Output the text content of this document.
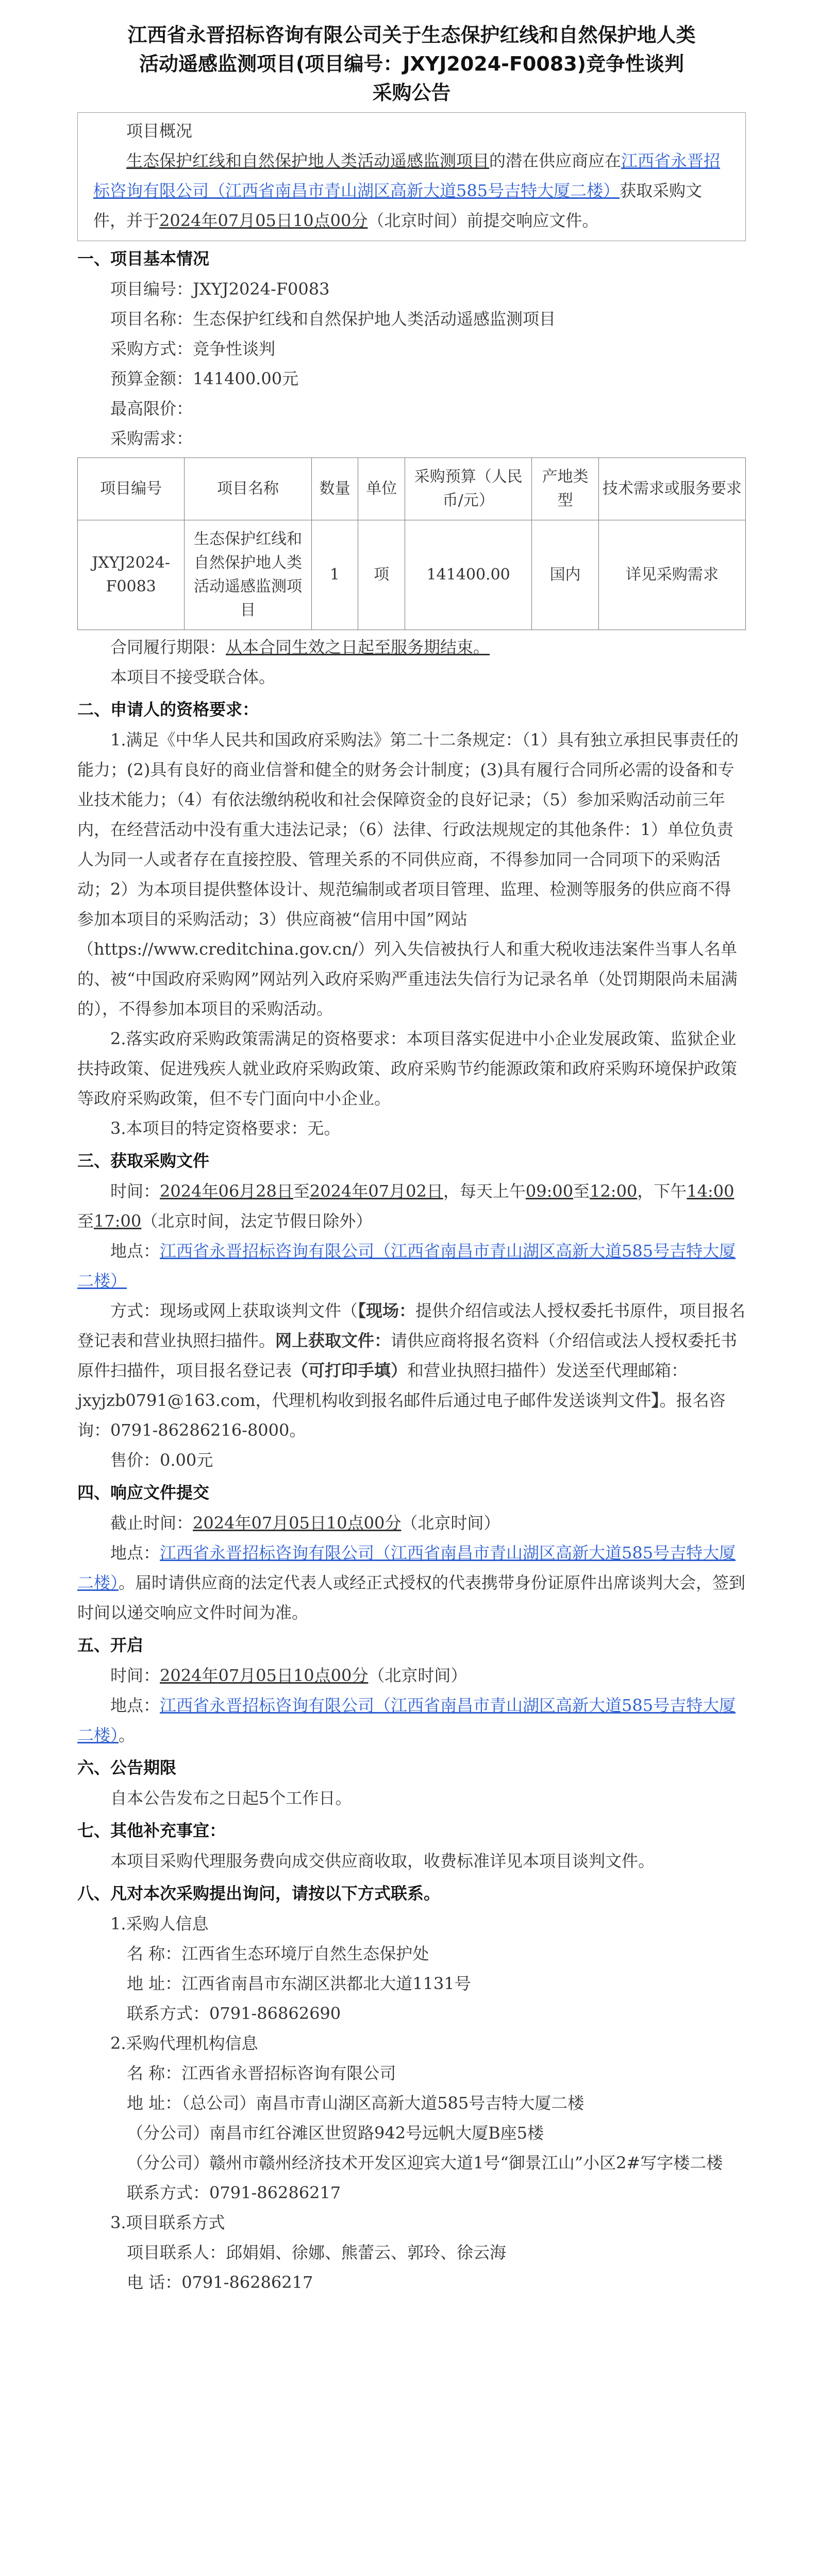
江西省永晋招标咨询有限公司关于生态保护红线和自然保护地人类
活动遥感监测项目(项目编号：JXYJ2024-F0083)竞争性谈判
采购公告
项目概况
生态保护红线和自然保护地人类活动遥感监测项目的潜在供应商应在江西省永晋招标咨询有限公司（江西省南昌市青山湖区高新大道585号吉特大厦二楼）获取采购文件，并于2024年07月05日10点00分（北京时间）前提交响应文件。
一、项目基本情况
项目编号：JXYJ2024-F0083
项目名称：生态保护红线和自然保护地人类活动遥感监测项目
采购方式：竞争性谈判
预算金额：141400.00元
最高限价：
采购需求：
项目编号	项目名称	数量	单位	采购预算（人民币/元）	产地类型	技术需求或服务要求
JXYJ2024-F0083	生态保护红线和自然保护地人类活动遥感监测项目	1	项	141400.00	国内	详见采购需求
合同履行期限：从本合同生效之日起至服务期结束。
本项目不接受联合体。
二、申请人的资格要求：
1.满足《中华人民共和国政府采购法》第二十二条规定：（1）具有独立承担民事责任的能力；(2)具有良好的商业信誉和健全的财务会计制度；(3)具有履行合同所必需的设备和专业技术能力；（4）有依法缴纳税收和社会保障资金的良好记录；（5）参加采购活动前三年内，在经营活动中没有重大违法记录；（6）法律、行政法规规定的其他条件：1）单位负责人为同一人或者存在直接控股、管理关系的不同供应商，不得参加同一合同项下的采购活动；2）为本项目提供整体设计、规范编制或者项目管理、监理、检测等服务的供应商不得参加本项目的采购活动；3）供应商被“信用中国”网站（https://www.creditchina.gov.cn/）列入失信被执行人和重大税收违法案件当事人名单的、被“中国政府采购网”网站列入政府采购严重违法失信行为记录名单（处罚期限尚未届满的），不得参加本项目的采购活动。
2.落实政府采购政策需满足的资格要求：本项目落实促进中小企业发展政策、监狱企业扶持政策、促进残疾人就业政府采购政策、政府采购节约能源政策和政府采购环境保护政策等政府采购政策，但不专门面向中小企业。
3.本项目的特定资格要求：无。
三、获取采购文件
时间：2024年06月28日至2024年07月02日，每天上午09:00至12:00，下午14:00至17:00（北京时间，法定节假日除外）
地点：江西省永晋招标咨询有限公司（江西省南昌市青山湖区高新大道585号吉特大厦二楼）
方式：现场或网上获取谈判文件（【现场：提供介绍信或法人授权委托书原件，项目报名登记表和营业执照扫描件。网上获取文件：请供应商将报名资料（介绍信或法人授权委托书原件扫描件，项目报名登记表（可打印手填）和营业执照扫描件）发送至代理邮箱：jxyjzb0791@163.com，代理机构收到报名邮件后通过电子邮件发送谈判文件】。报名咨询：0791-86286216-8000。
售价：0.00元
四、响应文件提交
截止时间：2024年07月05日10点00分（北京时间）
地点：江西省永晋招标咨询有限公司（江西省南昌市青山湖区高新大道585号吉特大厦二楼）。届时请供应商的法定代表人或经正式授权的代表携带身份证原件出席谈判大会，签到时间以递交响应文件时间为准。
五、开启
时间：2024年07月05日10点00分（北京时间）
地点：江西省永晋招标咨询有限公司（江西省南昌市青山湖区高新大道585号吉特大厦二楼）。
六、公告期限
自本公告发布之日起5个工作日。
七、其他补充事宜：
本项目采购代理服务费向成交供应商收取，收费标准详见本项目谈判文件。
八、凡对本次采购提出询问，请按以下方式联系。
1.采购人信息
名 称：江西省生态环境厅自然生态保护处
地 址：江西省南昌市东湖区洪都北大道1131号
联系方式：0791-86862690
2.采购代理机构信息
名 称：江西省永晋招标咨询有限公司
地 址：（总公司）南昌市青山湖区高新大道585号吉特大厦二楼
（分公司）南昌市红谷滩区世贸路942号远帆大厦B座5楼
（分公司）赣州市赣州经济技术开发区迎宾大道1号“御景江山”小区2#写字楼二楼
联系方式：0791-86286217
3.项目联系方式
项目联系人：邱娟娟、徐娜、熊蕾云、郭玲、徐云海
电 话：0791-86286217
